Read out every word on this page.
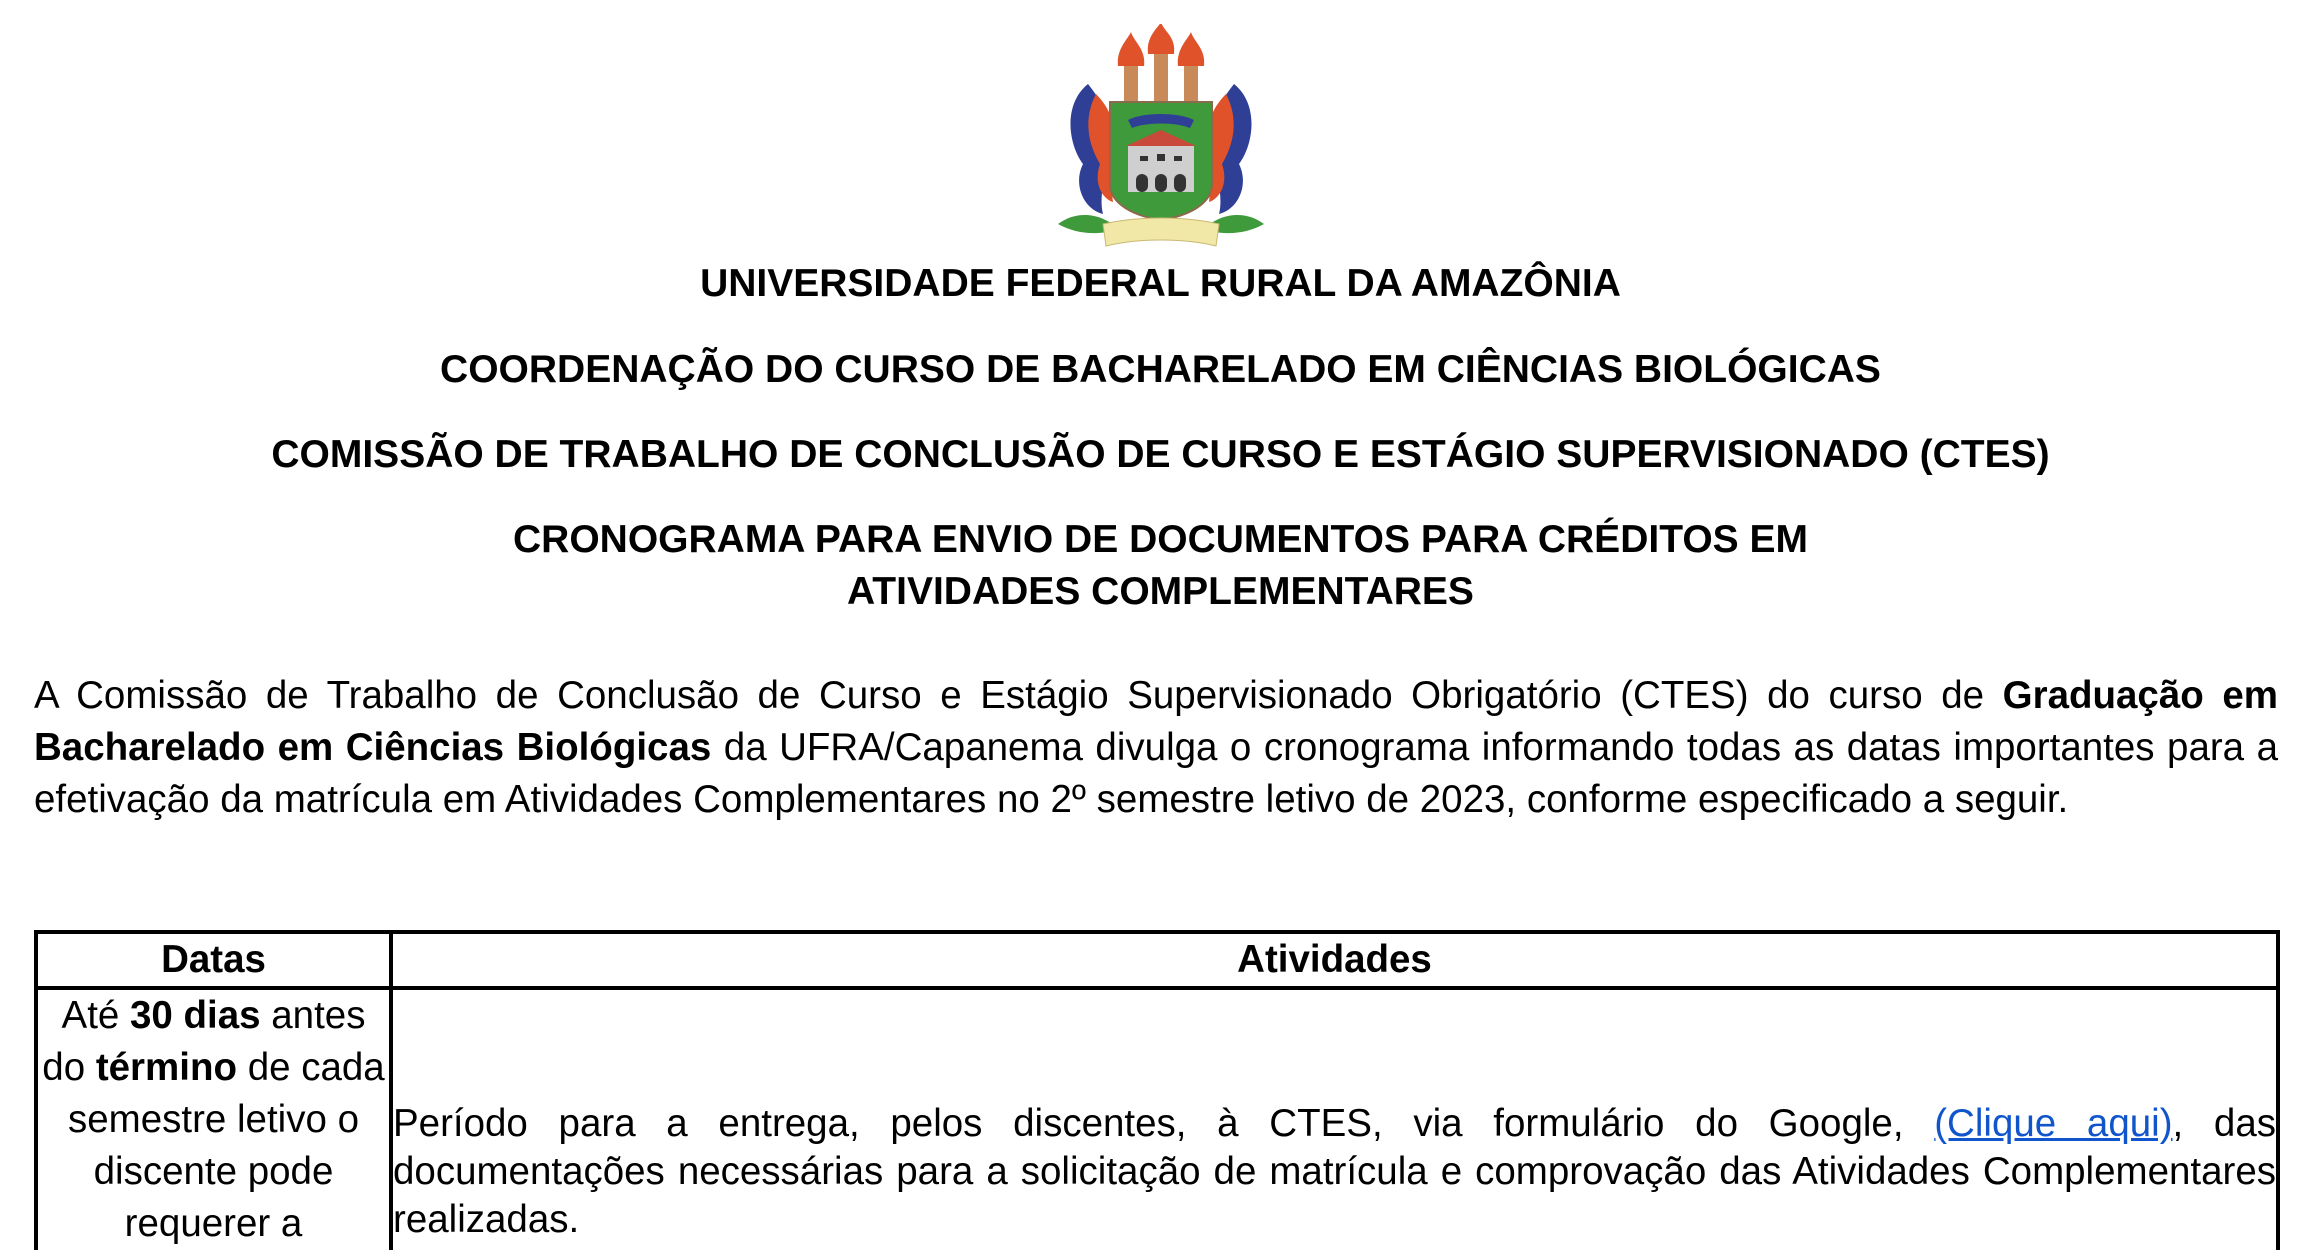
UNIVERSIDADE FEDERAL RURAL DA AMAZÔNIA
COORDENAÇÃO DO CURSO DE BACHARELADO EM CIÊNCIAS BIOLÓGICAS
COMISSÃO DE TRABALHO DE CONCLUSÃO DE CURSO E ESTÁGIO SUPERVISIONADO (CTES)
CRONOGRAMA PARA ENVIO DE DOCUMENTOS PARA CRÉDITOS EM
ATIVIDADES COMPLEMENTARES

A Comissão de Trabalho de Conclusão de Curso e Estágio Supervisionado Obrigatório (CTES) do curso de Graduação em Bacharelado em Ciências Biológicas da UFRA/Capanema divulga o cronograma informando todas as datas importantes para a efetivação da matrícula em Atividades Complementares no 2º semestre letivo de 2023, conforme especificado a seguir.

Datas	Atividades
Até 30 dias antes do término de cada semestre letivo o discente pode requerer a	Período para a entrega, pelos discentes, à CTES, via formulário do Google, (Clique aqui), das documentações necessárias para a solicitação de matrícula e comprovação das Atividades Complementares realizadas.
